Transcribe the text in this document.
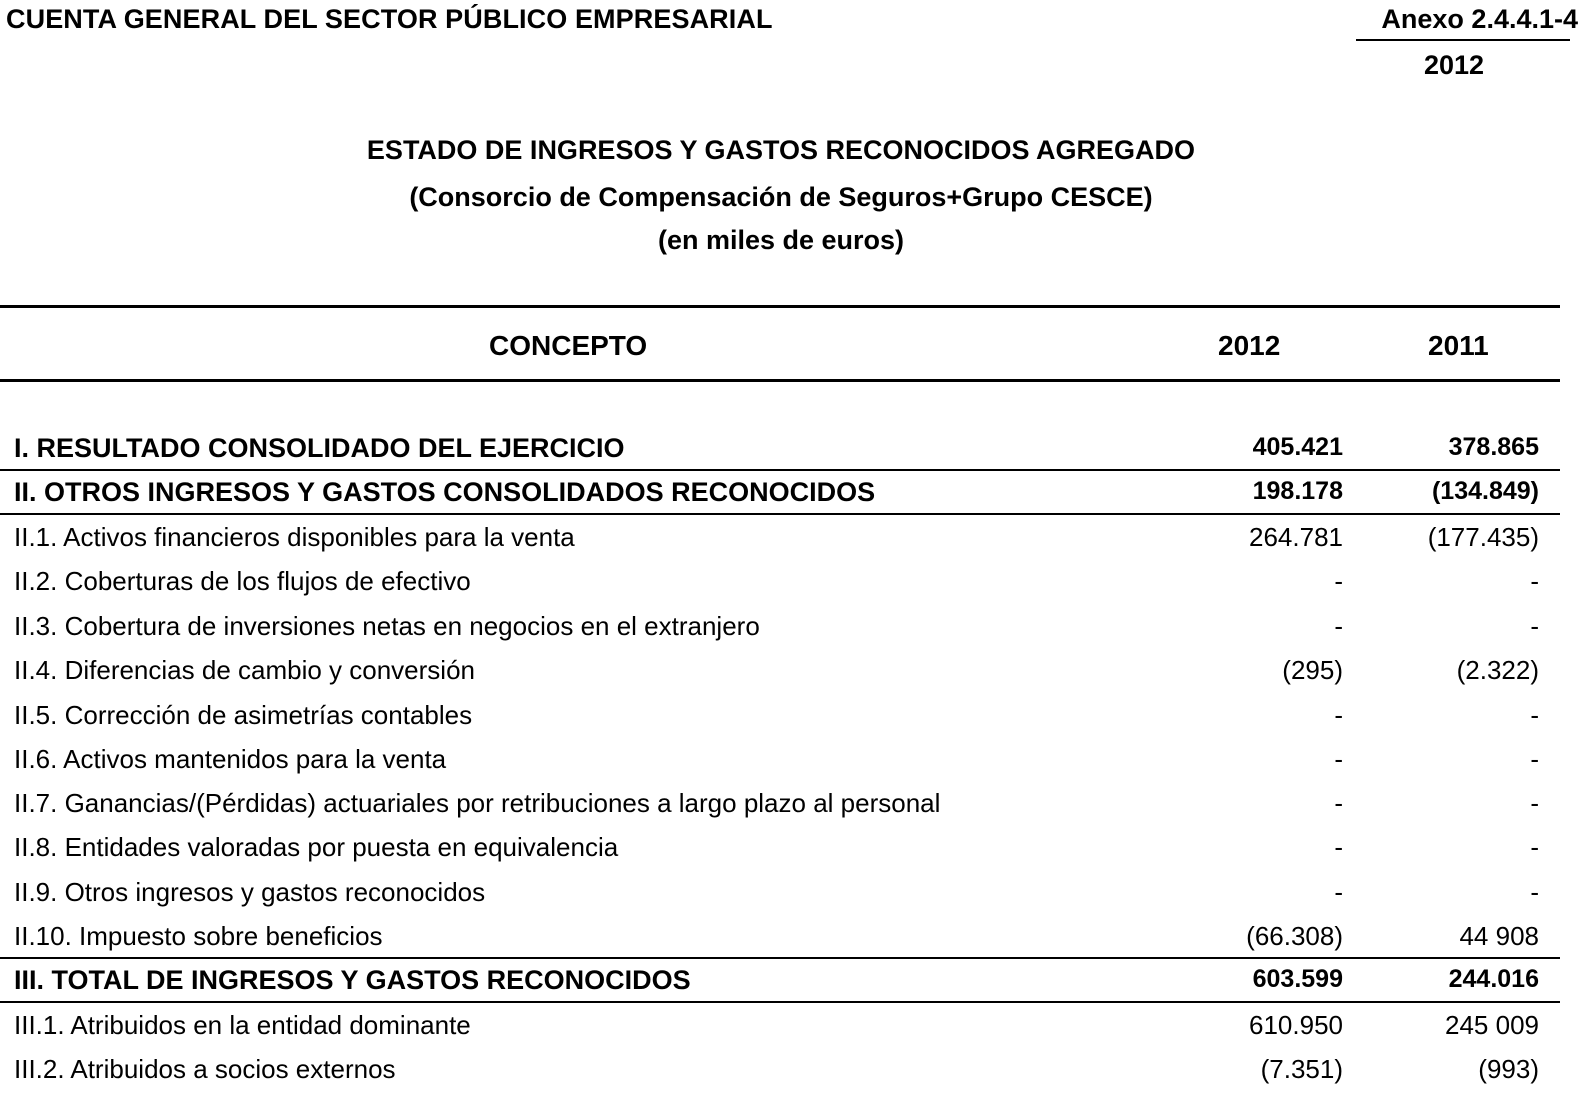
CUENTA GENERAL DEL SECTOR PÚBLICO EMPRESARIAL	Anexo 2.4.4.1-4
2012
ESTADO DE INGRESOS Y GASTOS RECONOCIDOS AGREGADO
(Consorcio de Compensación de Seguros+Grupo CESCE)
(en miles de euros)
CONCEPTO	2012	2011
I. RESULTADO CONSOLIDADO DEL EJERCICIO	405.421	378.865
II. OTROS INGRESOS Y GASTOS CONSOLIDADOS RECONOCIDOS	198.178	(134.849)
II.1. Activos financieros disponibles para la venta	264.781	(177.435)
II.2. Coberturas de los flujos de efectivo	-	-
II.3. Cobertura de inversiones netas en negocios en el extranjero	-	-
II.4. Diferencias de cambio y conversión	(295)	(2.322)
II.5. Corrección de asimetrías contables	-	-
II.6. Activos mantenidos para la venta	-	-
II.7. Ganancias/(Pérdidas) actuariales por retribuciones a largo plazo al personal	-	-
II.8. Entidades valoradas por puesta en equivalencia	-	-
II.9. Otros ingresos y gastos reconocidos	-	-
II.10. Impuesto sobre beneficios	(66.308)	44 908
III. TOTAL DE INGRESOS Y GASTOS RECONOCIDOS	603.599	244.016
III.1. Atribuidos en la entidad dominante	610.950	245 009
III.2. Atribuidos a socios externos	(7.351)	(993)
